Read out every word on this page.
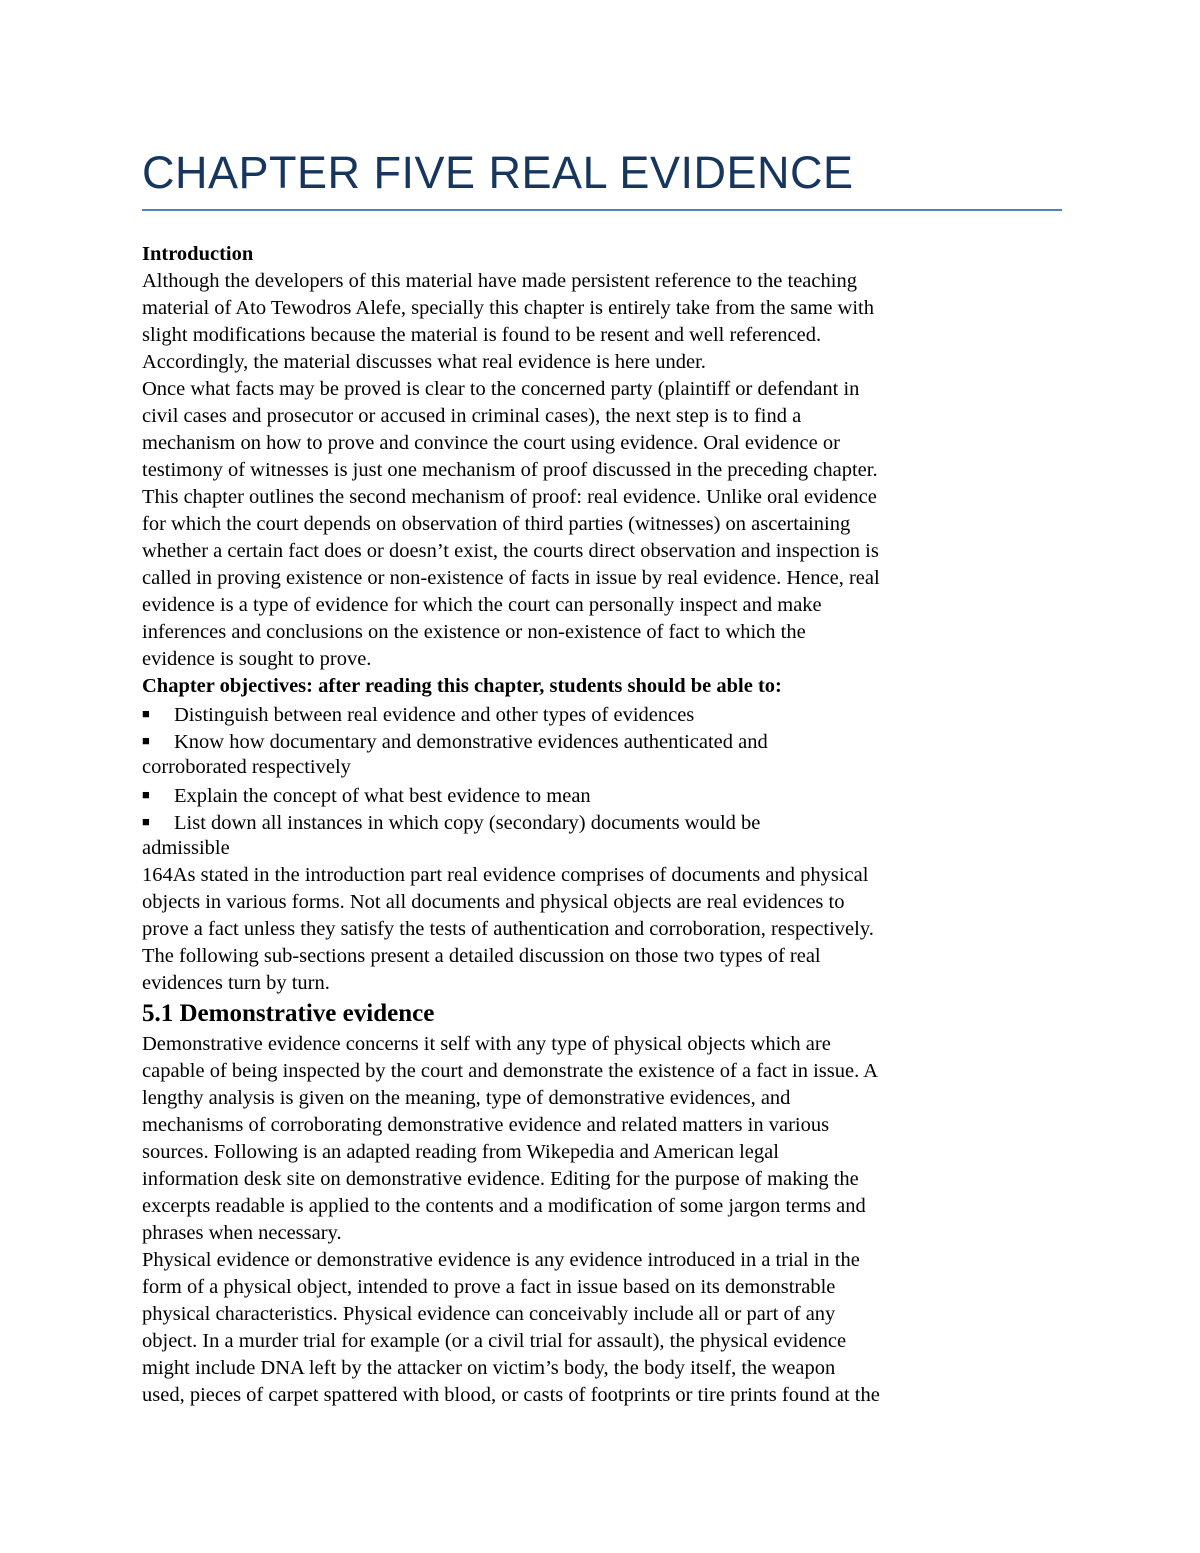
CHAPTER FIVE REAL EVIDENCE
Introduction
Although the developers of this material have made persistent reference to the teaching
material of Ato Tewodros Alefe, specially this chapter is entirely take from the same with
slight modifications because the material is found to be resent and well referenced.
Accordingly, the material discusses what real evidence is here under.
Once what facts may be proved is clear to the concerned party (plaintiff or defendant in
civil cases and prosecutor or accused in criminal cases), the next step is to find a
mechanism on how to prove and convince the court using evidence. Oral evidence or
testimony of witnesses is just one mechanism of proof discussed in the preceding chapter.
This chapter outlines the second mechanism of proof: real evidence. Unlike oral evidence
for which the court depends on observation of third parties (witnesses) on ascertaining
whether a certain fact does or doesn’t exist, the courts direct observation and inspection is
called in proving existence or non-existence of facts in issue by real evidence. Hence, real
evidence is a type of evidence for which the court can personally inspect and make
inferences and conclusions on the existence or non-existence of fact to which the
evidence is sought to prove.
Chapter objectives: after reading this chapter, students should be able to:
■ Distinguish between real evidence and other types of evidences
■ Know how documentary and demonstrative evidences authenticated and
corroborated respectively
■ Explain the concept of what best evidence to mean
■ List down all instances in which copy (secondary) documents would be
admissible
164As stated in the introduction part real evidence comprises of documents and physical
objects in various forms. Not all documents and physical objects are real evidences to
prove a fact unless they satisfy the tests of authentication and corroboration, respectively.
The following sub-sections present a detailed discussion on those two types of real
evidences turn by turn.
5.1 Demonstrative evidence
Demonstrative evidence concerns it self with any type of physical objects which are
capable of being inspected by the court and demonstrate the existence of a fact in issue. A
lengthy analysis is given on the meaning, type of demonstrative evidences, and
mechanisms of corroborating demonstrative evidence and related matters in various
sources. Following is an adapted reading from Wikepedia and American legal
information desk site on demonstrative evidence. Editing for the purpose of making the
excerpts readable is applied to the contents and a modification of some jargon terms and
phrases when necessary.
Physical evidence or demonstrative evidence is any evidence introduced in a trial in the
form of a physical object, intended to prove a fact in issue based on its demonstrable
physical characteristics. Physical evidence can conceivably include all or part of any
object. In a murder trial for example (or a civil trial for assault), the physical evidence
might include DNA left by the attacker on victim’s body, the body itself, the weapon
used, pieces of carpet spattered with blood, or casts of footprints or tire prints found at the
